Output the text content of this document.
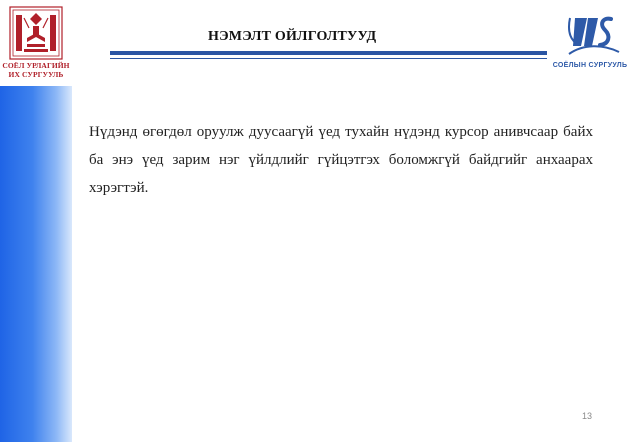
СОЁЛ УРЛАГИЙН
ИХ СУРГУУЛЬ
НЭМЭЛТ ОЙЛГОЛТУУД
СОЁЛЫН СУРГУУЛЬ

Нүдэнд өгөгдөл оруулж дуусаагүй үед тухайн нүдэнд курсор анивчсаар байх ба энэ үед зарим нэг үйлдлийг гүйцэтгэх боломжгүй байдгийг анхаарах хэрэгтэй.

13
